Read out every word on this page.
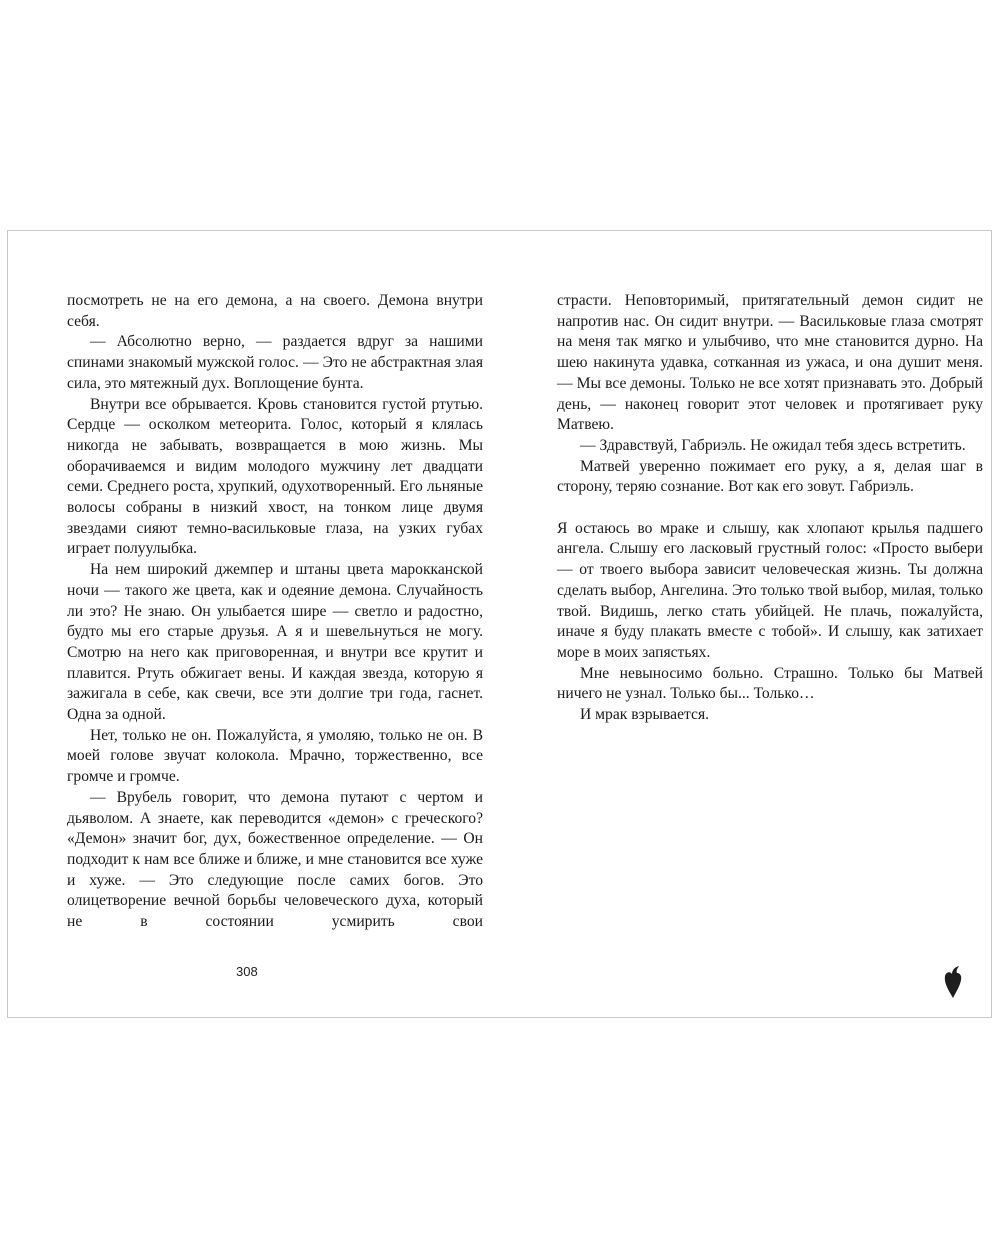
посмотреть не на его демона, а на своего. Демона внутри себя.

— Абсолютно верно, — раздается вдруг за нашими спинами знакомый мужской голос. — Это не абстрактная злая сила, это мятежный дух. Воплощение бунта.

Внутри все обрывается. Кровь становится густой ртутью. Сердце — осколком метеорита. Голос, который я клялась никогда не забывать, возвращается в мою жизнь. Мы оборачиваемся и видим молодого мужчину лет двадцати семи. Среднего роста, хрупкий, одухотворенный. Его льняные волосы собраны в низкий хвост, на тонком лице двумя звездами сияют темно-васильковые глаза, на узких губах играет полуулыбка.

На нем широкий джемпер и штаны цвета марокканской ночи — такого же цвета, как и одеяние демона. Случайность ли это? Не знаю. Он улыбается шире — светло и радостно, будто мы его старые друзья. А я и шевельнуться не могу. Смотрю на него как приговоренная, и внутри все крутит и плавится. Ртуть обжигает вены. И каждая звезда, которую я зажигала в себе, как свечи, все эти долгие три года, гаснет. Одна за одной.

Нет, только не он. Пожалуйста, я умоляю, только не он. В моей голове звучат колокола. Мрачно, торжественно, все громче и громче.

— Врубель говорит, что демона путают с чертом и дьяволом. А знаете, как переводится «демон» с греческого? «Демон» значит бог, дух, божественное определение. — Он подходит к нам все ближе и ближе, и мне становится все хуже и хуже. — Это следующие после самих богов. Это олицетворение вечной борьбы человеческого духа, который не в состоянии усмирить свои

308

страсти. Неповторимый, притягательный демон сидит не напротив нас. Он сидит внутри. — Васильковые глаза смотрят на меня так мягко и улыбчиво, что мне становится дурно. На шею накинута удавка, сотканная из ужаса, и она душит меня. — Мы все демоны. Только не все хотят признавать это. Добрый день, — наконец говорит этот человек и протягивает руку Матвею.

— Здравствуй, Габриэль. Не ожидал тебя здесь встретить.

Матвей уверенно пожимает его руку, а я, делая шаг в сторону, теряю сознание. Вот как его зовут. Габриэль.

Я остаюсь во мраке и слышу, как хлопают крылья падшего ангела. Слышу его ласковый грустный голос: «Просто выбери — от твоего выбора зависит человеческая жизнь. Ты должна сделать выбор, Ангелина. Это только твой выбор, милая, только твой. Видишь, легко стать убийцей. Не плачь, пожалуйста, иначе я буду плакать вместе с тобой». И слышу, как затихает море в моих запястьях.

Мне невыносимо больно. Страшно. Только бы Матвей ничего не узнал. Только бы... Только…

И мрак взрывается.
